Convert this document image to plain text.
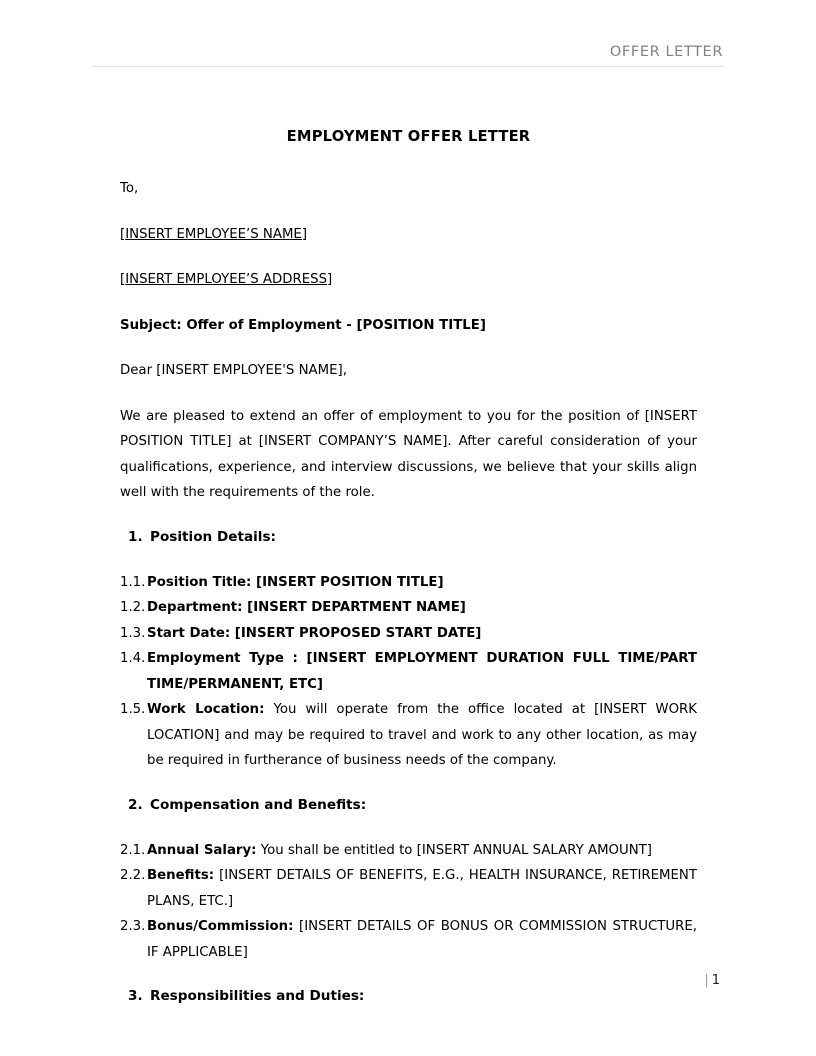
OFFER LETTER
EMPLOYMENT OFFER LETTER

To,

[INSERT EMPLOYEE’S NAME]

[INSERT EMPLOYEE’S ADDRESS]

Subject: Offer of Employment - [POSITION TITLE]

Dear [INSERT EMPLOYEE'S NAME],

We are pleased to extend an offer of employment to you for the position of [INSERT POSITION TITLE] at [INSERT COMPANY’S NAME]. After careful consideration of your qualifications, experience, and interview discussions, we believe that your skills align well with the requirements of the role.

1. Position Details:
1.1. Position Title: [INSERT POSITION TITLE]
1.2. Department: [INSERT DEPARTMENT NAME]
1.3. Start Date: [INSERT PROPOSED START DATE]
1.4. Employment Type : [INSERT EMPLOYMENT DURATION FULL TIME/PART TIME/PERMANENT, ETC]
1.5. Work Location: You will operate from the office located at [INSERT WORK LOCATION] and may be required to travel and work to any other location, as may be required in furtherance of business needs of the company.
2. Compensation and Benefits:
2.1. Annual Salary: You shall be entitled to [INSERT ANNUAL SALARY AMOUNT]
2.2. Benefits: [INSERT DETAILS OF BENEFITS, E.G., HEALTH INSURANCE, RETIREMENT PLANS, ETC.]
2.3. Bonus/Commission: [INSERT DETAILS OF BONUS OR COMMISSION STRUCTURE, IF APPLICABLE]
3. Responsibilities and Duties:
| 1
